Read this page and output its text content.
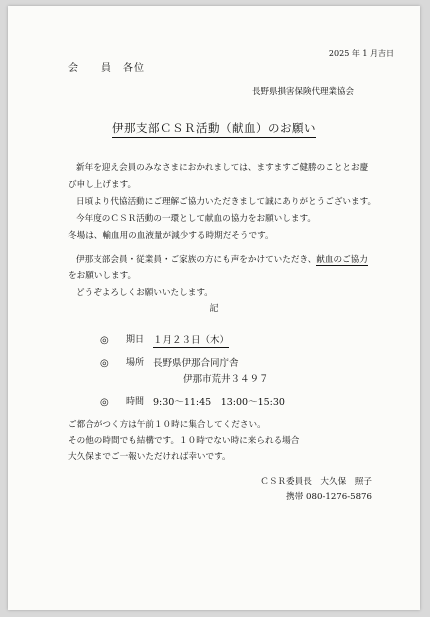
2025 年 1 月吉日
会　　員　各位
長野県損害保険代理業協会
伊那支部ＣＳＲ活動（献血）のお願い
新年を迎え会員のみなさまにおかれましては、ますますご健勝のこととお慶
び申し上げます。
日頃より代協活動にご理解ご協力いただきまして誠にありがとうございます。
今年度のＣＳＲ活動の一環として献血の協力をお願いします。
冬場は、輸血用の血液量が減少する時期だそうです。
伊那支部会員・従業員・ご家族の方にも声をかけていただき、献血のご協力
をお願いします。
どうぞよろしくお願いいたします。
記
◎ 期日 １月２３日（木）
◎ 場所 長野県伊那合同庁舎
伊那市荒井３４９７
◎ 時間 9:30～11:45　13:00～15:30
ご都合がつく方は午前１０時に集合してください。
その他の時間でも結構です。１０時でない時に来られる場合
大久保までご一報いただければ幸いです。
ＣＳＲ委員長　大久保　照子
携帯 080-1276-5876
